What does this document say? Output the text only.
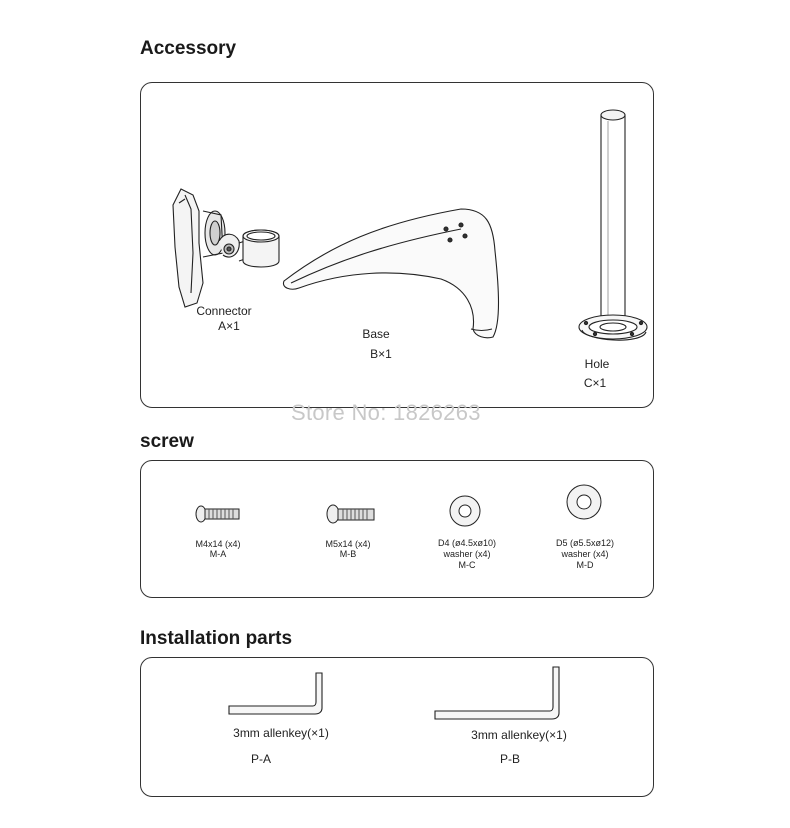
Accessory
Connector
A×1
Base
B×1
Hole
C×1
Store No: 1826263
screw
M4x14 (x4)
M-A
M5x14 (x4)
M-B
D4 (ø4.5xø10)
washer (x4)
M-C
D5 (ø5.5xø12)
washer (x4)
M-D
Installation parts
3mm allenkey(×1)
P-A
3mm allenkey(×1)
P-B
